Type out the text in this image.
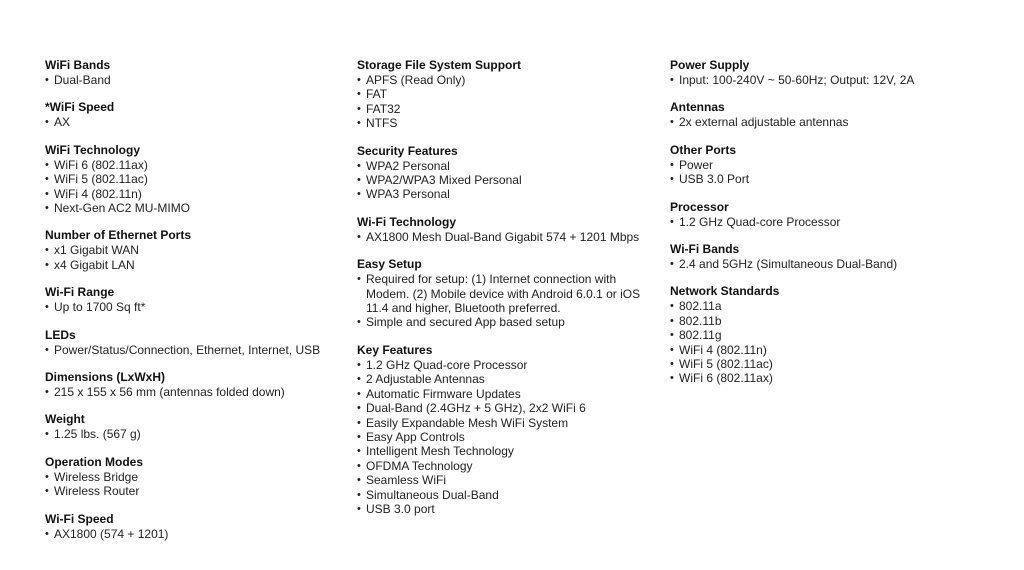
WiFi Bands
• Dual-Band
*WiFi Speed
• AX
WiFi Technology
• WiFi 6 (802.11ax)
• WiFi 5 (802.11ac)
• WiFi 4 (802.11n)
• Next-Gen AC2 MU-MIMO
Number of Ethernet Ports
• x1 Gigabit WAN
• x4 Gigabit LAN
Wi-Fi Range
• Up to 1700 Sq ft*
LEDs
• Power/Status/Connection, Ethernet, Internet, USB
Dimensions (LxWxH)
• 215 x 155 x 56 mm (antennas folded down)
Weight
• 1.25 lbs. (567 g)
Operation Modes
• Wireless Bridge
• Wireless Router
Wi-Fi Speed
• AX1800 (574 + 1201)
Storage File System Support
• APFS (Read Only)
• FAT
• FAT32
• NTFS
Security Features
• WPA2 Personal
• WPA2/WPA3 Mixed Personal
• WPA3 Personal
Wi-Fi Technology
• AX1800 Mesh Dual-Band Gigabit 574 + 1201 Mbps
Easy Setup
• Required for setup: (1) Internet connection with Modem. (2) Mobile device with Android 6.0.1 or iOS 11.4 and higher, Bluetooth preferred.
• Simple and secured App based setup
Key Features
• 1.2 GHz Quad-core Processor
• 2 Adjustable Antennas
• Automatic Firmware Updates
• Dual-Band (2.4GHz + 5 GHz), 2x2 WiFi 6
• Easily Expandable Mesh WiFi System
• Easy App Controls
• Intelligent Mesh Technology
• OFDMA Technology
• Seamless WiFi
• Simultaneous Dual-Band
• USB 3.0 port
Power Supply
• Input: 100-240V ~ 50-60Hz; Output: 12V, 2A
Antennas
• 2x external adjustable antennas
Other Ports
• Power
• USB 3.0 Port
Processor
• 1.2 GHz Quad-core Processor
Wi-Fi Bands
• 2.4 and 5GHz (Simultaneous Dual-Band)
Network Standards
• 802.11a
• 802.11b
• 802.11g
• WiFi 4 (802.11n)
• WiFi 5 (802.11ac)
• WiFi 6 (802.11ax)
